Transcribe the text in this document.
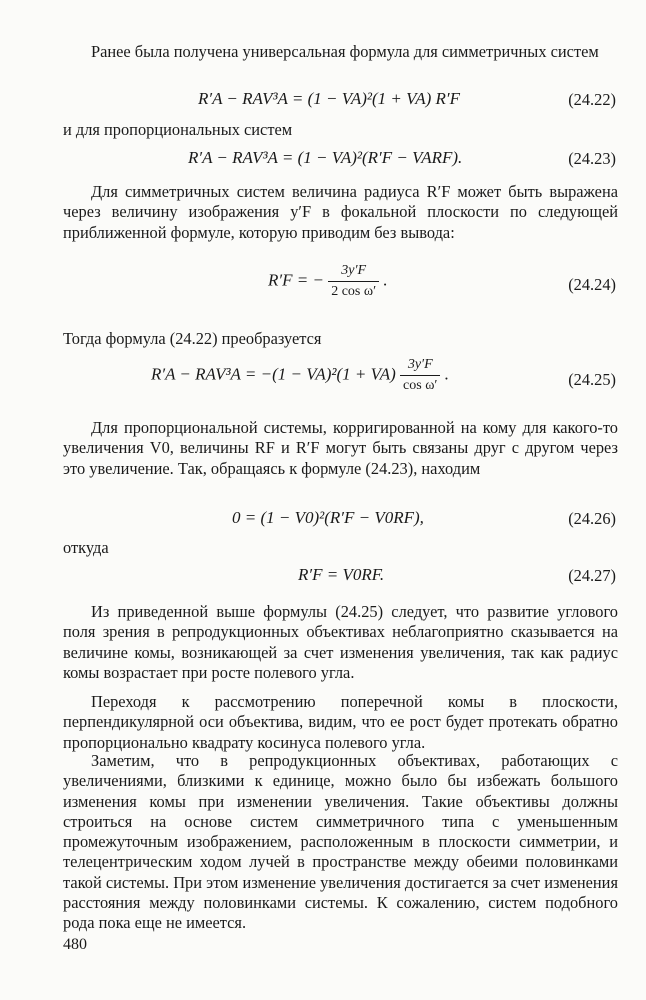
Ранее была получена универсальная формула для симметричных систем
R′A − RAV³A = (1 − VA)²(1 + VA) R′F	(24.22)
и для пропорциональных систем
R′A − RAV³A = (1 − VA)²(R′F − VARF).	(24.23)
Для симметричных систем величина радиуса R′F может быть выражена через величину изображения y′F в фокальной плоскости по следующей приближенной формуле, которую приводим без вывода:
R′F = − $\frac{3y'F}{\text{2 cos ω′}}$ .	(24.24)
Тогда формула (24.22) преобразуется
$R'A - RAV^3A = -(1 - VA)^2(1 + VA) \frac{3y'F}{\text{cos ω′}}$ .	(24.25)
Для пропорциональной системы, корригированной на кому для какого-то увеличения V0, величины RF и R′F могут быть связаны друг с другом через это увеличение. Так, обращаясь к формуле (24.23), находим
0 = (1 − V0)²(R′F − V0RF),	(24.26)
откуда
R′F = V0RF.	(24.27)
Из приведенной выше формулы (24.25) следует, что развитие углового поля зрения в репродукционных объективах неблагоприятно сказывается на величине комы, возникающей за счет изменения увеличения, так как радиус комы возрастает при росте полевого угла.
Переходя к рассмотрению поперечной комы в плоскости, перпендикулярной оси объектива, видим, что ее рост будет протекать обратно пропорционально квадрату косинуса полевого угла.
Заметим, что в репродукционных объективах, работающих с увеличениями, близкими к единице, можно было бы избежать большого изменения комы при изменении увеличения. Такие объективы должны строиться на основе систем симметричного типа с уменьшенным промежуточным изображением, расположенным в плоскости симметрии, и телецентрическим ходом лучей в пространстве между обеими половинками такой системы. При этом изменение увеличения достигается за счет изменения расстояния между половинками системы. К сожалению, систем подобного рода пока еще не имеется.
480
